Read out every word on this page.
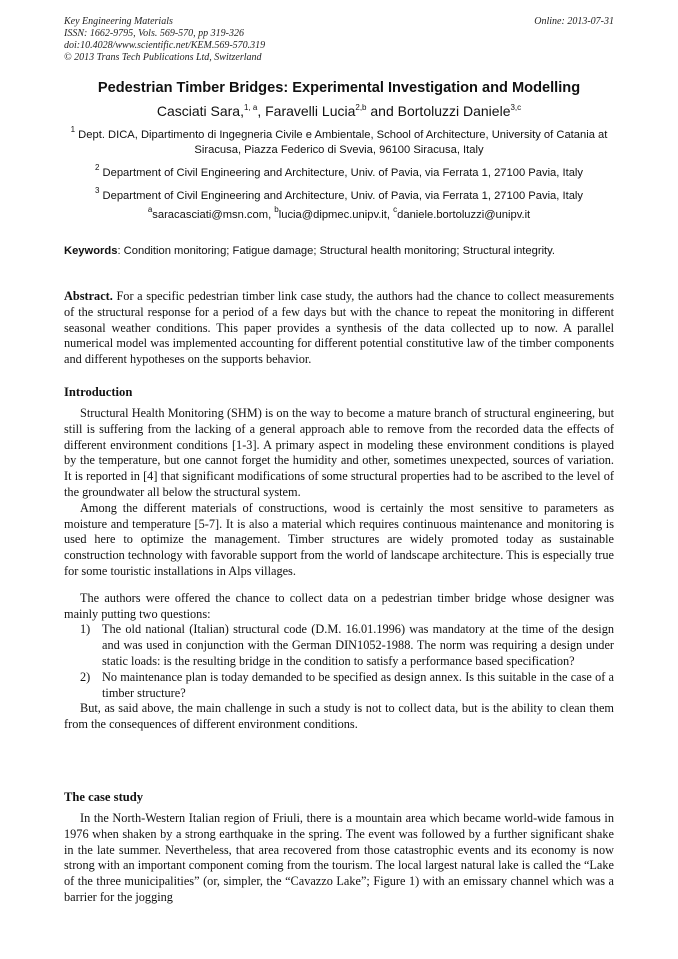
Key Engineering Materials
ISSN: 1662-9795, Vols. 569-570, pp 319-326
doi:10.4028/www.scientific.net/KEM.569-570.319
© 2013 Trans Tech Publications Ltd, Switzerland
Online: 2013-07-31
Pedestrian Timber Bridges: Experimental Investigation and Modelling
Casciati Sara,$^{1, a}$, Faravelli Lucia$^{2,b}$ and Bortoluzzi Daniele$^{3,c}$
$^1$ Dept. DICA, Dipartimento di Ingegneria Civile e Ambientale, School of Architecture, University of Catania at Siracusa, Piazza Federico di Svevia, 96100 Siracusa, Italy
$^2$ Department of Civil Engineering and Architecture, Univ. of Pavia, via Ferrata 1, 27100 Pavia, Italy
$^3$ Department of Civil Engineering and Architecture, Univ. of Pavia, via Ferrata 1, 27100 Pavia, Italy
$^a$saracasciati@msn.com, $^b$lucia@dipmec.unipv.it, $^c$daniele.bortoluzzi@unipv.it
Keywords: Condition monitoring; Fatigue damage; Structural health monitoring; Structural integrity.
Abstract. For a specific pedestrian timber link case study, the authors had the chance to collect measurements of the structural response for a period of a few days but with the chance to repeat the monitoring in different seasonal weather conditions. This paper provides a synthesis of the data collected up to now. A parallel numerical model was implemented accounting for different potential constitutive law of the timber components and different hypotheses on the supports behavior.
Introduction

Structural Health Monitoring (SHM) is on the way to become a mature branch of structural engineering, but still is suffering from the lacking of a general approach able to remove from the recorded data the effects of different environment conditions [1-3]. A primary aspect in modeling these environment conditions is played by the temperature, but one cannot forget the humidity and other, sometimes unexpected, sources of variation. It is reported in [4] that significant modifications of some structural properties had to be ascribed to the level of the groundwater all below the structural system.

Among the different materials of constructions, wood is certainly the most sensitive to parameters as moisture and temperature [5-7]. It is also a material which requires continuous maintenance and monitoring is used here to optimize the management. Timber structures are widely promoted today as sustainable construction technology with favorable support from the world of landscape architecture. This is especially true for some touristic installations in Alps villages.

The authors were offered the chance to collect data on a pedestrian timber bridge whose designer was mainly putting two questions:

1) The old national (Italian) structural code (D.M. 16.01.1996) was mandatory at the time of the design and was used in conjunction with the German DIN1052-1988. The norm was requiring a design under static loads: is the resulting bridge in the condition to satisfy a performance based specification?
2) No maintenance plan is today demanded to be specified as design annex. Is this suitable in the case of a timber structure?

But, as said above, the main challenge in such a study is not to collect data, but is the ability to clean them from the consequences of different environment conditions.

The case study

In the North-Western Italian region of Friuli, there is a mountain area which became world-wide famous in 1976 when shaken by a strong earthquake in the spring. The event was followed by a further significant shake in the late summer. Nevertheless, that area recovered from those catastrophic events and its economy is now strong with an important component coming from the tourism. The local largest natural lake is called the “Lake of the three municipalities” (or, simpler, the “Cavazzo Lake”; Figure 1) with an emissary channel which was a barrier for the jogging
